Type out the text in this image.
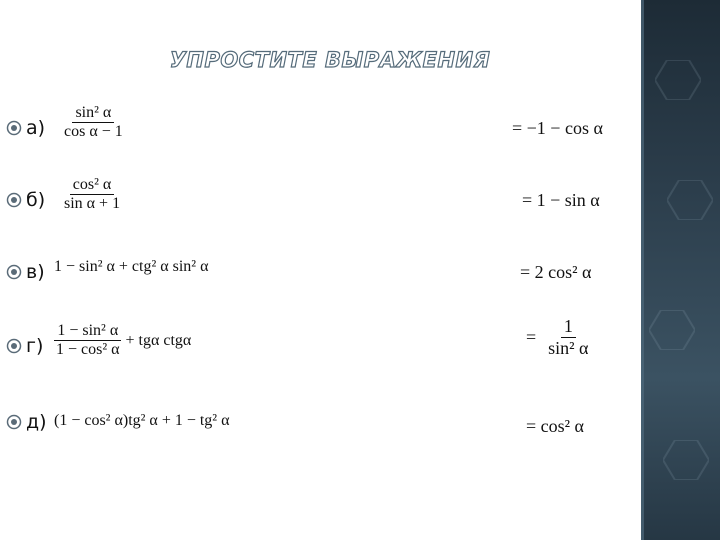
УПРОСТИТЕ ВЫРАЖЕНИЯ
$а) \frac{\text{sin² α}}{\text{cos α − 1}}$	= −1 − cos α
$б) \frac{\text{cos² α}}{\text{sin α + 1}}$	= 1 − sin α
в) 1 − sin² α + ctg² α sin² α	= 2 cos² α
$г) \frac{\text{1 − sin² α}}{\text{1 − cos² α}} + tg\alpha$ ctgα	= $\frac{1}{\text{sin² α}}$
д) (1 − cos² α)tg² α + 1 − tg² α	= cos² α
